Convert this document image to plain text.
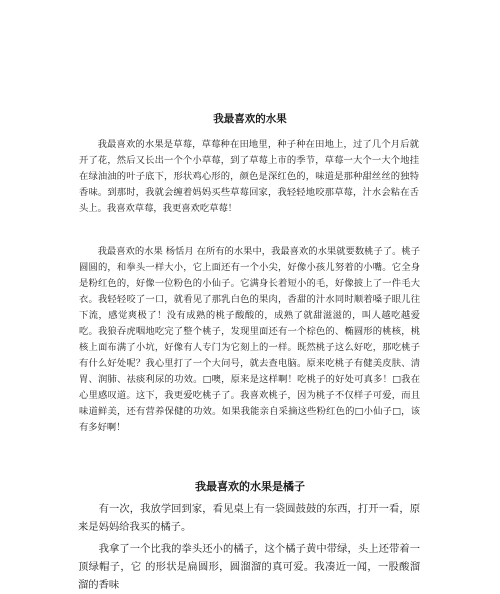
我最喜欢的水果

我最喜欢的水果是草莓，草莓种在田地里，种子种在田地上，过了几个月后就开了花，然后又长出一个个小草莓，到了草莓上市的季节，草莓一大个一大个地挂在绿油油的叶子底下，形状鸡心形的，颜色是深红色的，味道是那种甜丝丝的独特香味。到那时，我就会缠着妈妈买些草莓回家，我轻轻地咬那草莓，汁水会粘在舌头上。我喜欢草莓，我更喜欢吃草莓！

我最喜欢的水果 杨恬月 在所有的水果中，我最喜欢的水果就要数桃子了。桃子圆圆的，和拳头一样大小，它上面还有一个小尖，好像小孩儿努着的小嘴。它全身是粉红色的，好像一位粉色的小仙子。它满身长着短小的毛，好像披上了一件毛大衣。我轻轻咬了一口，就看见了那乳白色的果肉，香甜的汁水同时顺着嗓子眼儿往下流，感觉爽极了！没有成熟的桃子酸酸的，成熟了就甜滋滋的，叫人越吃越爱吃。我狼吞虎咽地吃完了整个桃子，发现里面还有一个棕色的、椭圆形的桃核，桃核上面布满了小坑，好像有人专门为它刻上的一样。既然桃子这么好吃，那吃桃子有什么好处呢？我心里打了一个大问号，就去查电脑。原来吃桃子有健美皮肤、清胃、润肺、祛痰利尿的功效。□噢，原来是这样啊！吃桃子的好处可真多！□我在心里感叹道。这下，我更爱吃桃子了。我喜欢桃子，因为桃子不仅样子可爱，而且味道鲜美，还有营养保健的功效。如果我能亲自采摘这些粉红色的□小仙子□，该有多好啊！

我最喜欢的水果是橘子

有一次，我放学回到家，看见桌上有一袋圆鼓鼓的东西，打开一看，原来是妈妈给我买的橘子。

我拿了一个比我的拳头还小的橘子，这个橘子黄中带绿，头上还带着一顶绿帽子，它 的形状是扁圆形，圆溜溜的真可爱。我凑近一闻，一股酸溜溜的香味
